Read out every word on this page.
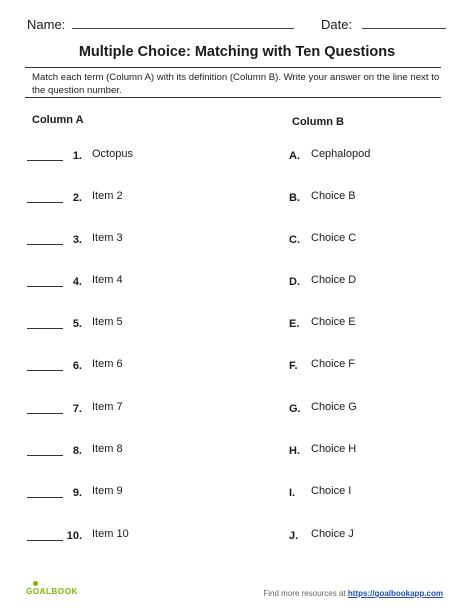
Name:	Date:
Multiple Choice: Matching with Ten Questions
Match each term (Column A) with its definition (Column B). Write your answer on the line next to the question number.
Column A	Column B
1. Octopus	A. Cephalopod
2. Item 2	B. Choice B
3. Item 3	C. Choice C
4. Item 4	D. Choice D
5. Item 5	E. Choice E
6. Item 6	F. Choice F
7. Item 7	G. Choice G
8. Item 8	H. Choice H
9. Item 9	I. Choice I
10. Item 10	J. Choice J
GOALBOOK	Find more resources at https://goalbookapp.com
